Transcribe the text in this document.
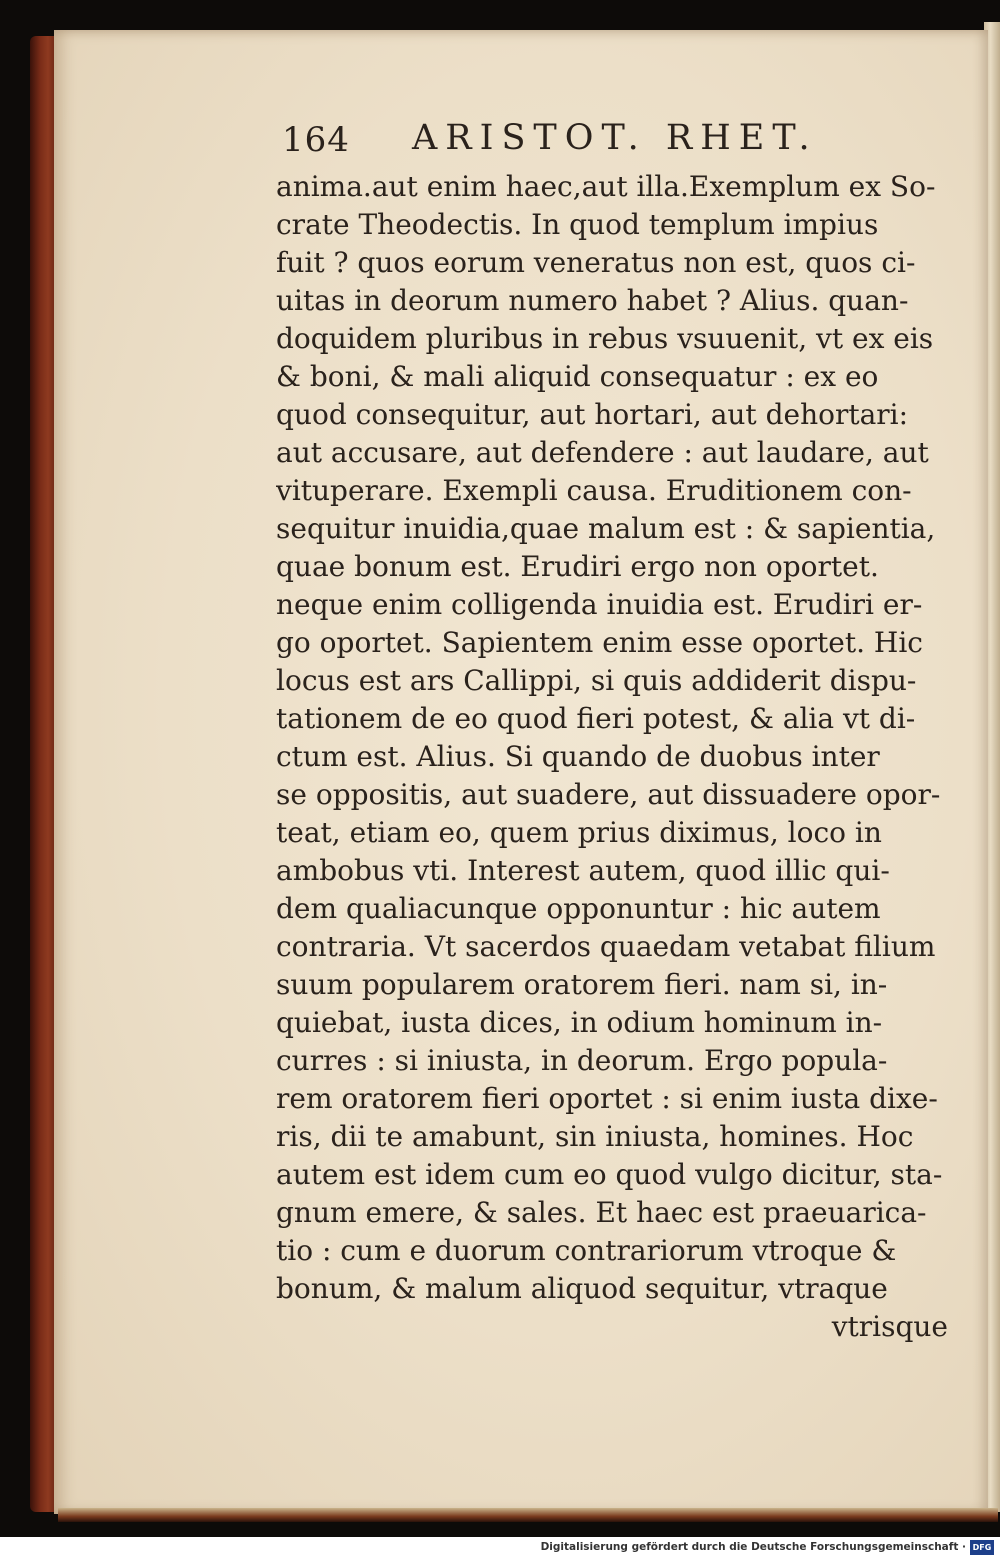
164 ARISTOT. RHET.
anima.aut enim haec,aut illa.Exemplum ex So-
crate Theodectis. In quod templum impius
fuit ? quos eorum veneratus non est, quos ci-
uitas in deorum numero habet ? Alius. quan-
doquidem pluribus in rebus vsuuenit, vt ex eis
& boni, & mali aliquid consequatur : ex eo
quod consequitur, aut hortari, aut dehortari:
aut accusare, aut defendere : aut laudare, aut
vituperare. Exempli causa. Eruditionem con-
sequitur inuidia,quae malum est : & sapientia,
quae bonum est. Erudiri ergo non oportet.
neque enim colligenda inuidia est. Erudiri er-
go oportet. Sapientem enim esse oportet. Hic
locus est ars Callippi, si quis addiderit dispu-
tationem de eo quod fieri potest, & alia vt di-
ctum est. Alius. Si quando de duobus inter
se oppositis, aut suadere, aut dissuadere opor-
teat, etiam eo, quem prius diximus, loco in
ambobus vti. Interest autem, quod illic qui-
dem qualiacunque opponuntur : hic autem
contraria. Vt sacerdos quaedam vetabat filium
suum popularem oratorem fieri. nam si, in-
quiebat, iusta dices, in odium hominum in-
curres : si iniusta, in deorum. Ergo popula-
rem oratorem fieri oportet : si enim iusta dixe-
ris, dii te amabunt, sin iniusta, homines. Hoc
autem est idem cum eo quod vulgo dicitur, sta-
gnum emere, & sales. Et haec est praeuarica-
tio : cum e duorum contrariorum vtroque &
bonum, & malum aliquod sequitur, vtraque
vtrisque
Digitalisierung gefördert durch die Deutsche Forschungsgemeinschaft · DFG
